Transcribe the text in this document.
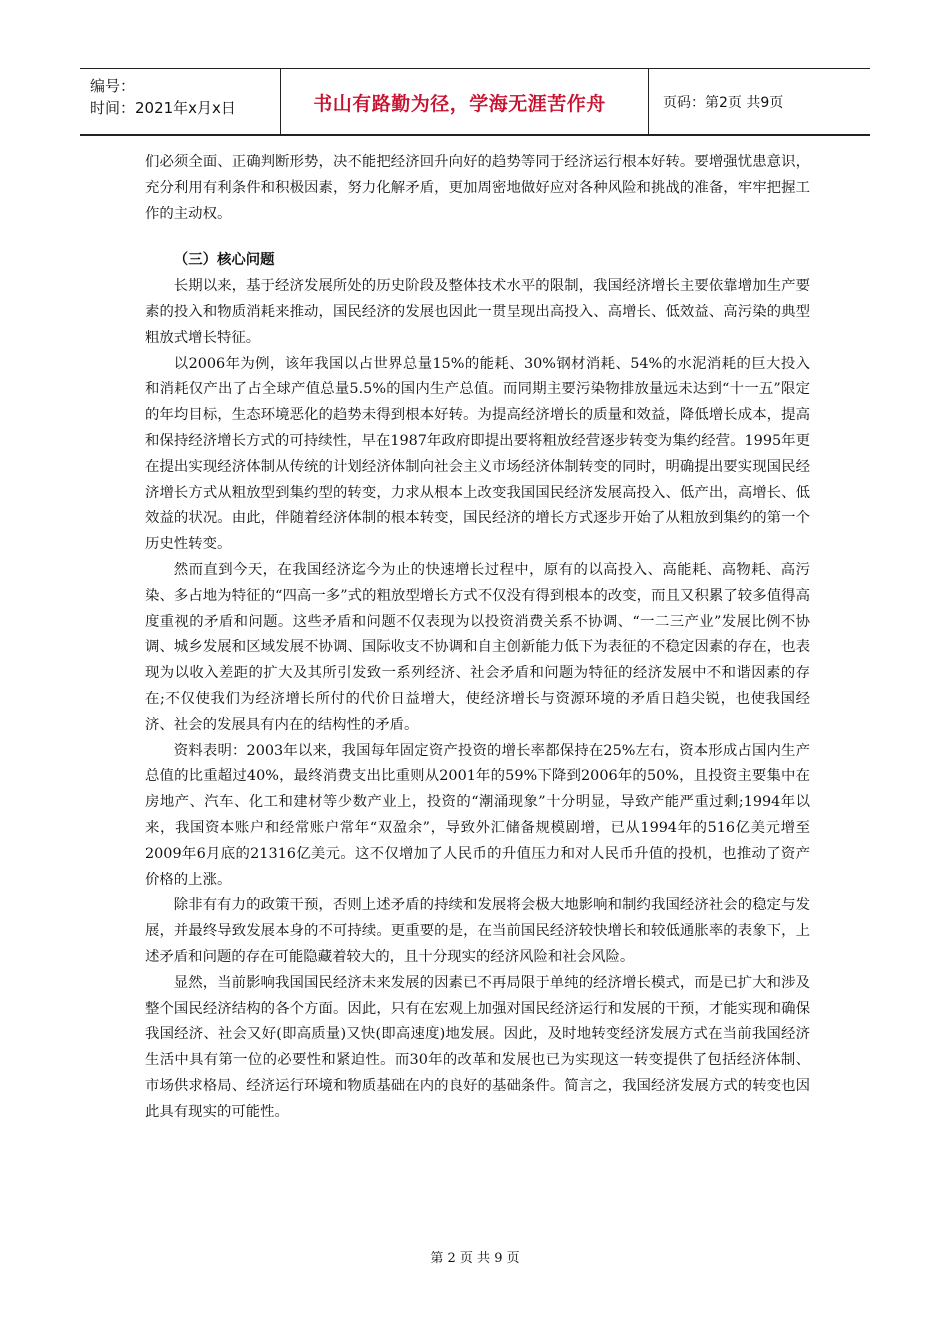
编号：
时间：2021年x月x日	书山有路勤为径，学海无涯苦作舟	页码：第2页 共9页

们必须全面、正确判断形势，决不能把经济回升向好的趋势等同于经济运行根本好转。要增强忧患意识，充分利用有利条件和积极因素，努力化解矛盾，更加周密地做好应对各种风险和挑战的准备，牢牢把握工作的主动权。

（三）核心问题

长期以来，基于经济发展所处的历史阶段及整体技术水平的限制，我国经济增长主要依靠增加生产要素的投入和物质消耗来推动，国民经济的发展也因此一贯呈现出高投入、高增长、低效益、高污染的典型粗放式增长特征。

以2006年为例，该年我国以占世界总量15%的能耗、30%钢材消耗、54%的水泥消耗的巨大投入和消耗仅产出了占全球产值总量5.5%的国内生产总值。而同期主要污染物排放量远未达到“十一五”限定的年均目标，生态环境恶化的趋势未得到根本好转。为提高经济增长的质量和效益，降低增长成本，提高和保持经济增长方式的可持续性，早在1987年政府即提出要将粗放经营逐步转变为集约经营。1995年更在提出实现经济体制从传统的计划经济体制向社会主义市场经济体制转变的同时，明确提出要实现国民经济增长方式从粗放型到集约型的转变，力求从根本上改变我国国民经济发展高投入、低产出，高增长、低效益的状况。由此，伴随着经济体制的根本转变，国民经济的增长方式逐步开始了从粗放到集约的第一个历史性转变。

然而直到今天，在我国经济迄今为止的快速增长过程中，原有的以高投入、高能耗、高物耗、高污染、多占地为特征的“四高一多”式的粗放型增长方式不仅没有得到根本的改变，而且又积累了较多值得高度重视的矛盾和问题。这些矛盾和问题不仅表现为以投资消费关系不协调、“一二三产业”发展比例不协调、城乡发展和区域发展不协调、国际收支不协调和自主创新能力低下为表征的不稳定因素的存在，也表现为以收入差距的扩大及其所引发致一系列经济、社会矛盾和问题为特征的经济发展中不和谐因素的存在;不仅使我们为经济增长所付的代价日益增大，使经济增长与资源环境的矛盾日趋尖锐，也使我国经济、社会的发展具有内在的结构性的矛盾。

资料表明：2003年以来，我国每年固定资产投资的增长率都保持在25%左右，资本形成占国内生产总值的比重超过40%，最终消费支出比重则从2001年的59%下降到2006年的50%，且投资主要集中在房地产、汽车、化工和建材等少数产业上，投资的“潮涌现象”十分明显，导致产能严重过剩;1994年以来，我国资本账户和经常账户常年“双盈余”，导致外汇储备规模剧增，已从1994年的516亿美元增至2009年6月底的21316亿美元。这不仅增加了人民币的升值压力和对人民币升值的投机，也推动了资产价格的上涨。

除非有有力的政策干预，否则上述矛盾的持续和发展将会极大地影响和制约我国经济社会的稳定与发展，并最终导致发展本身的不可持续。更重要的是，在当前国民经济较快增长和较低通胀率的表象下，上述矛盾和问题的存在可能隐藏着较大的，且十分现实的经济风险和社会风险。

显然，当前影响我国国民经济未来发展的因素已不再局限于单纯的经济增长模式，而是已扩大和涉及整个国民经济结构的各个方面。因此，只有在宏观上加强对国民经济运行和发展的干预，才能实现和确保我国经济、社会又好(即高质量)又快(即高速度)地发展。因此，及时地转变经济发展方式在当前我国经济生活中具有第一位的必要性和紧迫性。而30年的改革和发展也已为实现这一转变提供了包括经济体制、市场供求格局、经济运行环境和物质基础在内的良好的基础条件。简言之，我国经济发展方式的转变也因此具有现实的可能性。

第 2 页 共 9 页
